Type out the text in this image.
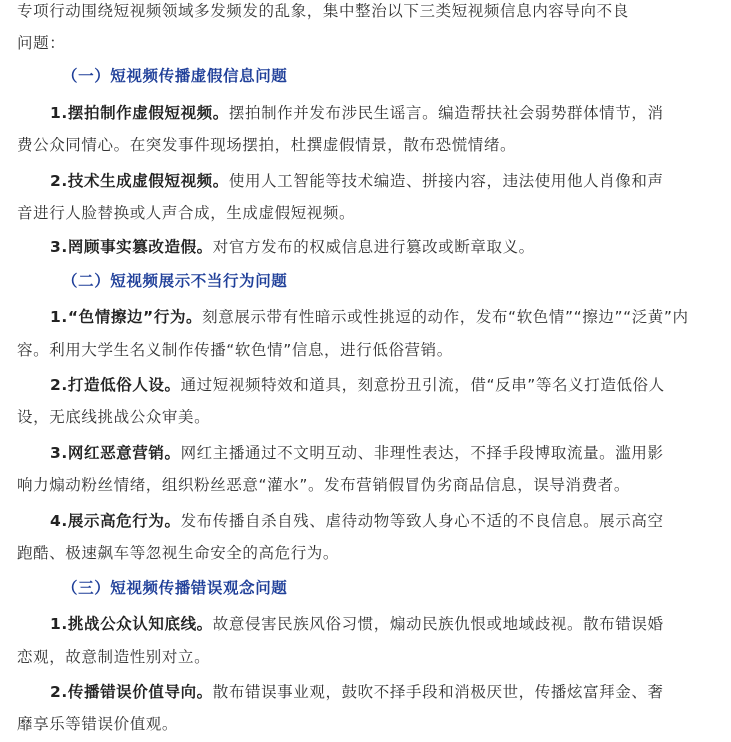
专项行动围绕短视频领域多发频发的乱象，集中整治以下三类短视频信息内容导向不良
问题：
（一）短视频传播虚假信息问题
1.摆拍制作虚假短视频。摆拍制作并发布涉民生谣言。编造帮扶社会弱势群体情节，消
费公众同情心。在突发事件现场摆拍，杜撰虚假情景，散布恐慌情绪。
2.技术生成虚假短视频。使用人工智能等技术编造、拼接内容，违法使用他人肖像和声
音进行人脸替换或人声合成，生成虚假短视频。
3.罔顾事实篡改造假。对官方发布的权威信息进行篡改或断章取义。
（二）短视频展示不当行为问题
1.“色情擦边”行为。刻意展示带有性暗示或性挑逗的动作，发布“软色情”“擦边”“泛黄”内
容。利用大学生名义制作传播“软色情”信息，进行低俗营销。
2.打造低俗人设。通过短视频特效和道具，刻意扮丑引流，借“反串”等名义打造低俗人
设，无底线挑战公众审美。
3.网红恶意营销。网红主播通过不文明互动、非理性表达，不择手段博取流量。滥用影
响力煽动粉丝情绪，组织粉丝恶意“灌水”。发布营销假冒伪劣商品信息，误导消费者。
4.展示高危行为。发布传播自杀自残、虐待动物等致人身心不适的不良信息。展示高空
跑酷、极速飙车等忽视生命安全的高危行为。
（三）短视频传播错误观念问题
1.挑战公众认知底线。故意侵害民族风俗习惯，煽动民族仇恨或地域歧视。散布错误婚
恋观，故意制造性别对立。
2.传播错误价值导向。散布错误事业观，鼓吹不择手段和消极厌世，传播炫富拜金、奢
靡享乐等错误价值观。
